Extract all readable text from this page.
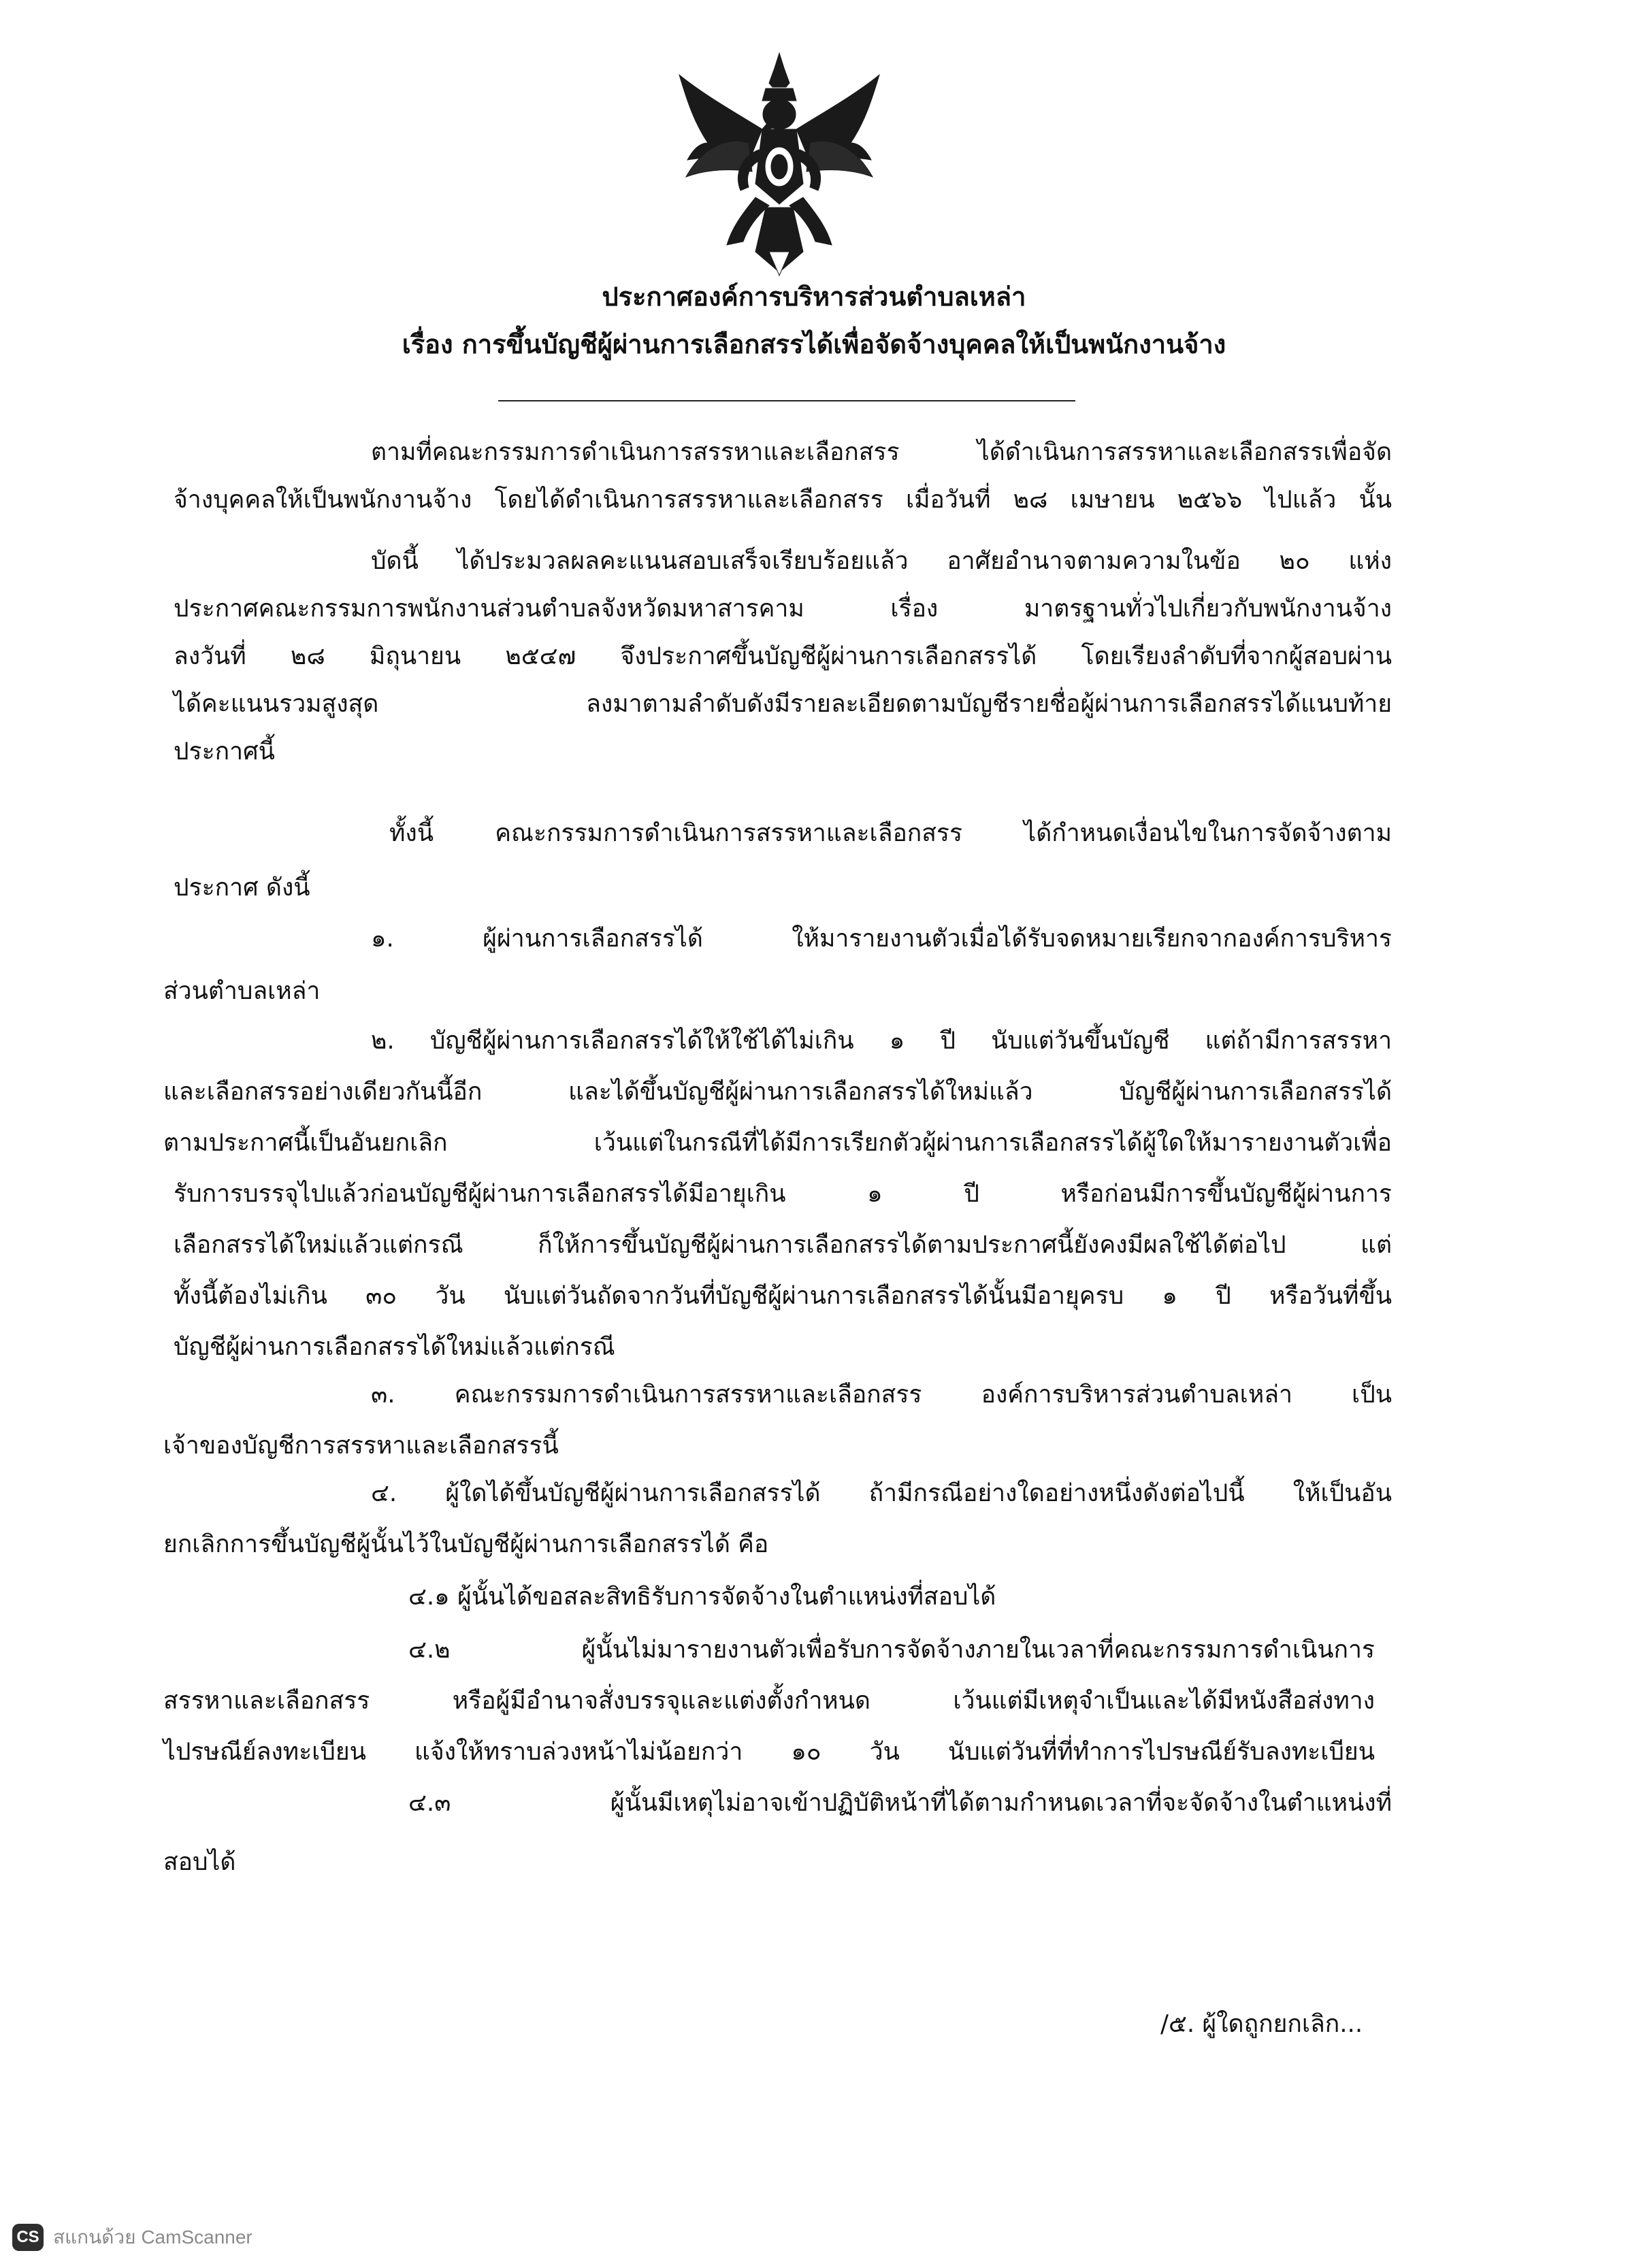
ประกาศองค์การบริหารส่วนตำบลเหล่า
เรื่อง การขึ้นบัญชีผู้ผ่านการเลือกสรรได้เพื่อจัดจ้างบุคคลให้เป็นพนักงานจ้าง
ตามที่คณะกรรมการดำเนินการสรรหาและเลือกสรร ได้ดำเนินการสรรหาและเลือกสรรเพื่อจัด
จ้างบุคคลให้เป็นพนักงานจ้าง โดยได้ดำเนินการสรรหาและเลือกสรร เมื่อวันที่ ๒๘ เมษายน ๒๕๖๖ ไปแล้ว นั้น
บัดนี้ ได้ประมวลผลคะแนนสอบเสร็จเรียบร้อยแล้ว อาศัยอำนาจตามความในข้อ ๒๐ แห่ง
ประกาศคณะกรรมการพนักงานส่วนตำบลจังหวัดมหาสารคาม เรื่อง มาตรฐานทั่วไปเกี่ยวกับพนักงานจ้าง
ลงวันที่ ๒๘ มิถุนายน ๒๕๔๗ จึงประกาศขึ้นบัญชีผู้ผ่านการเลือกสรรได้ โดยเรียงลำดับที่จากผู้สอบผ่าน
ได้คะแนนรวมสูงสุด ลงมาตามลำดับดังมีรายละเอียดตามบัญชีรายชื่อผู้ผ่านการเลือกสรรได้แนบท้าย
ประกาศนี้
ทั้งนี้ คณะกรรมการดำเนินการสรรหาและเลือกสรร ได้กำหนดเงื่อนไขในการจัดจ้างตาม
ประกาศ ดังนี้
๑. ผู้ผ่านการเลือกสรรได้ ให้มารายงานตัวเมื่อได้รับจดหมายเรียกจากองค์การบริหาร
ส่วนตำบลเหล่า
๒. บัญชีผู้ผ่านการเลือกสรรได้ให้ใช้ได้ไม่เกิน ๑ ปี นับแต่วันขึ้นบัญชี แต่ถ้ามีการสรรหา
และเลือกสรรอย่างเดียวกันนี้อีก และได้ขึ้นบัญชีผู้ผ่านการเลือกสรรได้ใหม่แล้ว บัญชีผู้ผ่านการเลือกสรรได้
ตามประกาศนี้เป็นอันยกเลิก เว้นแต่ในกรณีที่ได้มีการเรียกตัวผู้ผ่านการเลือกสรรได้ผู้ใดให้มารายงานตัวเพื่อ
รับการบรรจุไปแล้วก่อนบัญชีผู้ผ่านการเลือกสรรได้มีอายุเกิน ๑ ปี หรือก่อนมีการขึ้นบัญชีผู้ผ่านการ
เลือกสรรได้ใหม่แล้วแต่กรณี ก็ให้การขึ้นบัญชีผู้ผ่านการเลือกสรรได้ตามประกาศนี้ยังคงมีผลใช้ได้ต่อไป แต่
ทั้งนี้ต้องไม่เกิน ๓๐ วัน นับแต่วันถัดจากวันที่บัญชีผู้ผ่านการเลือกสรรได้นั้นมีอายุครบ ๑ ปี หรือวันที่ขึ้น
บัญชีผู้ผ่านการเลือกสรรได้ใหม่แล้วแต่กรณี
๓. คณะกรรมการดำเนินการสรรหาและเลือกสรร องค์การบริหารส่วนตำบลเหล่า เป็น
เจ้าของบัญชีการสรรหาและเลือกสรรนี้
๔. ผู้ใดได้ขึ้นบัญชีผู้ผ่านการเลือกสรรได้ ถ้ามีกรณีอย่างใดอย่างหนึ่งดังต่อไปนี้ ให้เป็นอัน
ยกเลิกการขึ้นบัญชีผู้นั้นไว้ในบัญชีผู้ผ่านการเลือกสรรได้ คือ
๔.๑ ผู้นั้นได้ขอสละสิทธิรับการจัดจ้างในตำแหน่งที่สอบได้
๔.๒ ผู้นั้นไม่มารายงานตัวเพื่อรับการจัดจ้างภายในเวลาที่คณะกรรมการดำเนินการ
สรรหาและเลือกสรร หรือผู้มีอำนาจสั่งบรรจุและแต่งตั้งกำหนด เว้นแต่มีเหตุจำเป็นและได้มีหนังสือส่งทาง
ไปรษณีย์ลงทะเบียน แจ้งให้ทราบล่วงหน้าไม่น้อยกว่า ๑๐ วัน นับแต่วันที่ที่ทำการไปรษณีย์รับลงทะเบียน
๔.๓ ผู้นั้นมีเหตุไม่อาจเข้าปฏิบัติหน้าที่ได้ตามกำหนดเวลาที่จะจัดจ้างในตำแหน่งที่
สอบได้
/๕. ผู้ใดถูกยกเลิก...
CS สแกนด้วย CamScanner
